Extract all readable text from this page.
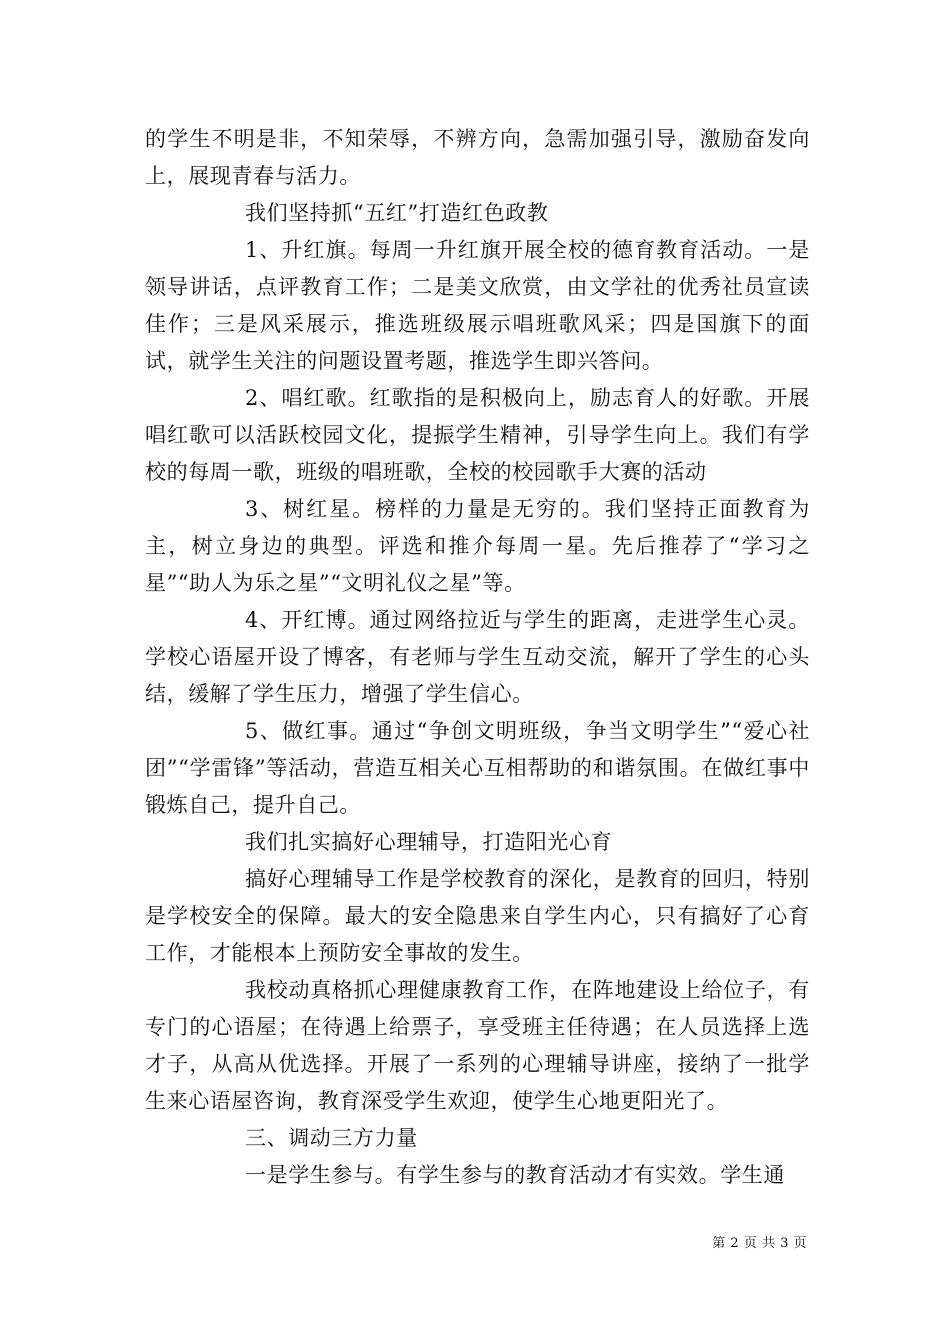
的学生不明是非，不知荣辱，不辨方向，急需加强引导，激励奋发向上，展现青春与活力。

我们坚持抓“五红”打造红色政教

1、升红旗。每周一升红旗开展全校的德育教育活动。一是领导讲话，点评教育工作；二是美文欣赏，由文学社的优秀社员宣读佳作；三是风采展示，推选班级展示唱班歌风采；四是国旗下的面试，就学生关注的问题设置考题，推选学生即兴答问。

2、唱红歌。红歌指的是积极向上，励志育人的好歌。开展唱红歌可以活跃校园文化，提振学生精神，引导学生向上。我们有学校的每周一歌，班级的唱班歌，全校的校园歌手大赛的活动

3、树红星。榜样的力量是无穷的。我们坚持正面教育为主，树立身边的典型。评选和推介每周一星。先后推荐了“学习之星”“助人为乐之星”“文明礼仪之星”等。

4、开红博。通过网络拉近与学生的距离，走进学生心灵。学校心语屋开设了博客，有老师与学生互动交流，解开了学生的心头结，缓解了学生压力，增强了学生信心。

5、做红事。通过“争创文明班级，争当文明学生”“爱心社团”“学雷锋”等活动，营造互相关心互相帮助的和谐氛围。在做红事中锻炼自己，提升自己。

我们扎实搞好心理辅导，打造阳光心育

搞好心理辅导工作是学校教育的深化，是教育的回归，特别是学校安全的保障。最大的安全隐患来自学生内心，只有搞好了心育工作，才能根本上预防安全事故的发生。

我校动真格抓心理健康教育工作，在阵地建设上给位子，有专门的心语屋；在待遇上给票子，享受班主任待遇；在人员选择上选才子，从高从优选择。开展了一系列的心理辅导讲座，接纳了一批学生来心语屋咨询，教育深受学生欢迎，使学生心地更阳光了。

三、调动三方力量

一是学生参与。有学生参与的教育活动才有实效。学生通

第 2 页 共 3 页
